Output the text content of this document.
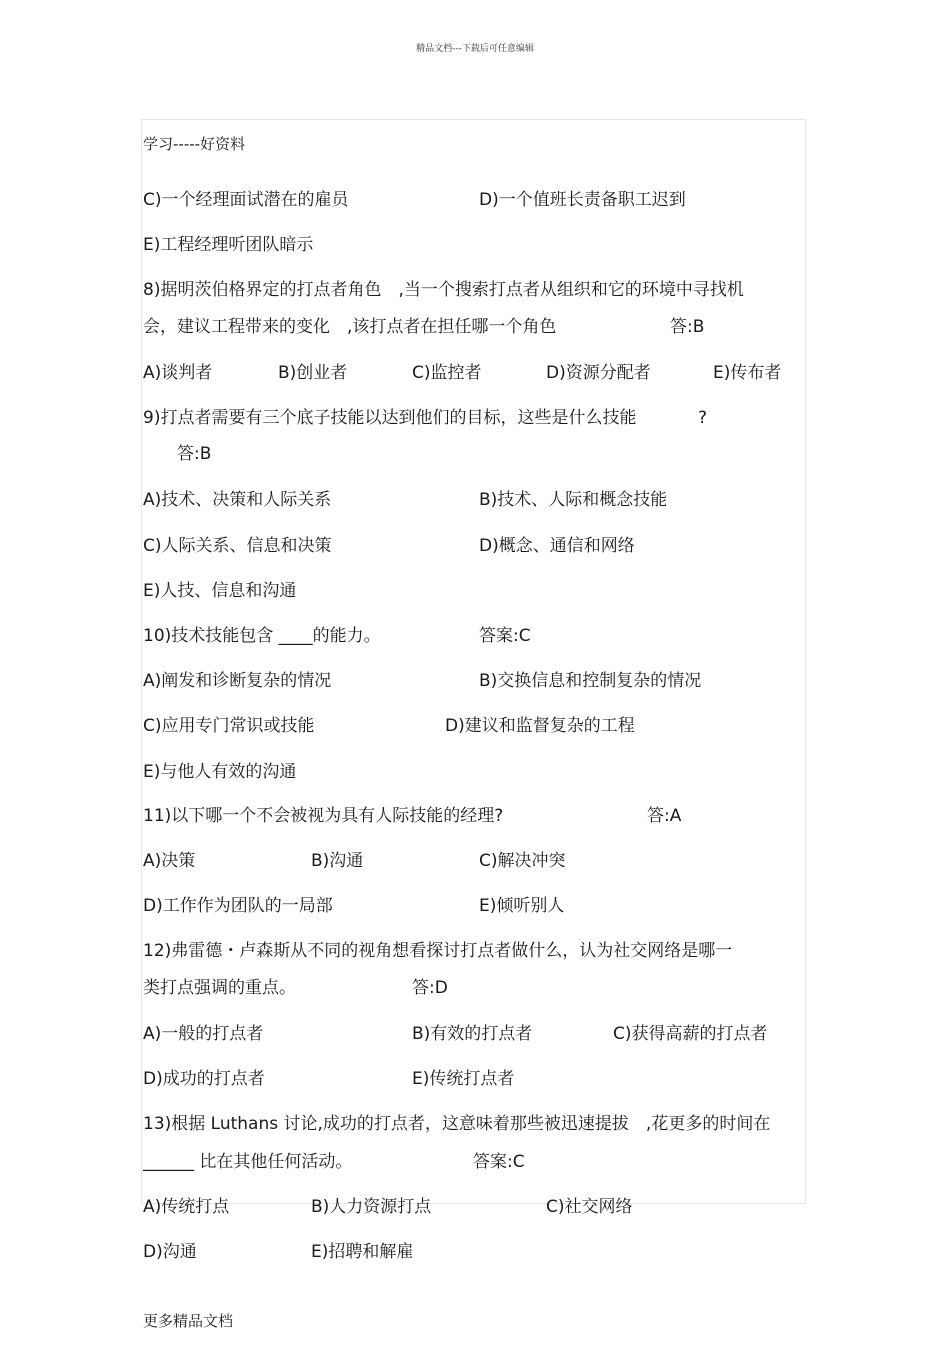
精品文档---下载后可任意编辑
学习-----好资料
C)一个经理面试潜在的雇员	D)一个值班长责备职工迟到
E)工程经理听团队暗示
8)据明茨伯格界定的打点者角色　,当一个搜索打点者从组织和它的环境中寻找机
会，建议工程带来的变化　,该打点者在担任哪一个角色	答:B
A)谈判者	B)创业者	C)监控者	D)资源分配者	E)传布者
9)打点者需要有三个底子技能以达到他们的目标，这些是什么技能	?
答:B
A)技术、决策和人际关系	B)技术、人际和概念技能
C)人际关系、信息和决策	D)概念、通信和网络
E)人技、信息和沟通
10)技术技能包含 ____的能力。	答案:C
A)阐发和诊断复杂的情况	B)交换信息和控制复杂的情况
C)应用专门常识或技能	D)建议和监督复杂的工程
E)与他人有效的沟通
11)以下哪一个不会被视为具有人际技能的经理?	答:A
A)决策	B)沟通	C)解决冲突
D)工作作为团队的一局部	E)倾听别人
12)弗雷德・卢森斯从不同的视角想看探讨打点者做什么，认为社交网络是哪一
类打点强调的重点。	答:D
A)一般的打点者	B)有效的打点者	C)获得高薪的打点者
D)成功的打点者	E)传统打点者
13)根据 Luthans 讨论,成功的打点者，这意味着那些被迅速提拔　,花更多的时间在
______ 比在其他任何活动。	答案:C
A)传统打点	B)人力资源打点	C)社交网络
D)沟通	E)招聘和解雇
更多精品文档
